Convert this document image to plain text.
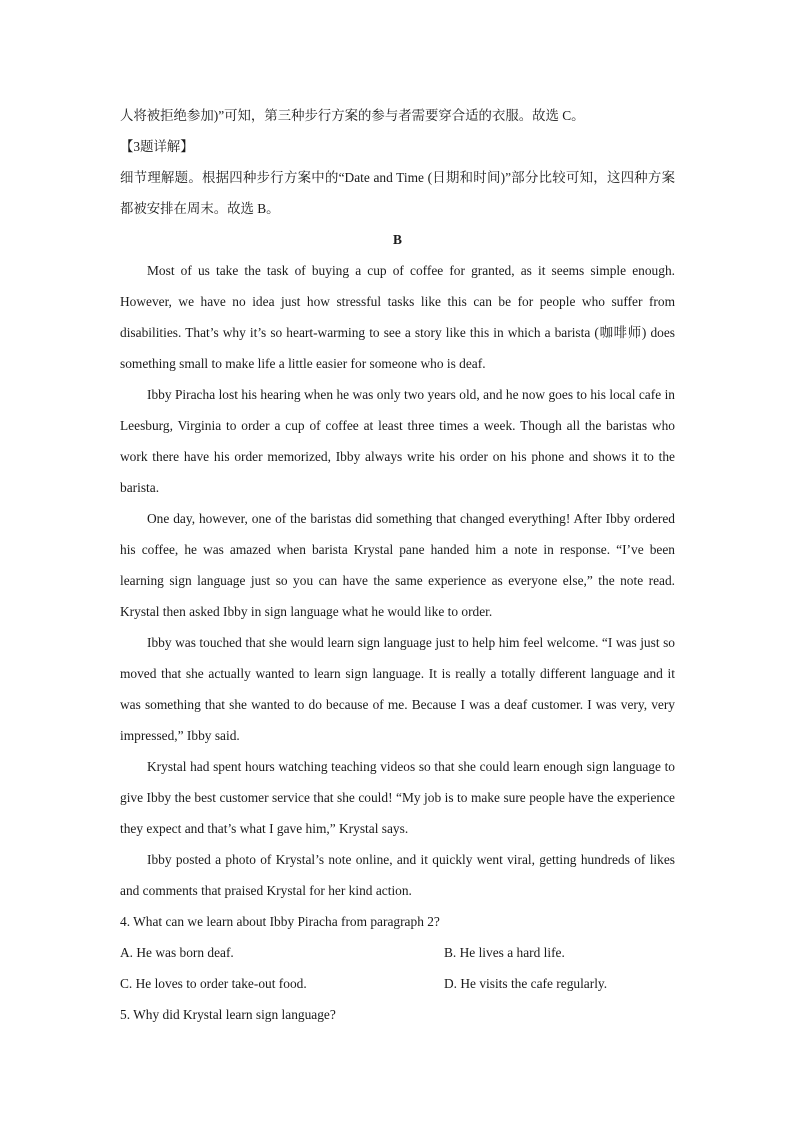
人将被拒绝参加)”可知，第三种步行方案的参与者需要穿合适的衣服。故选 C。

【3题详解】

细节理解题。根据四种步行方案中的“Date and Time (日期和时间)”部分比较可知，这四种方案都被安排在周末。故选 B。

B

Most of us take the task of buying a cup of coffee for granted, as it seems simple enough. However, we have no idea just how stressful tasks like this can be for people who suffer from disabilities. That’s why it’s so heart-warming to see a story like this in which a barista (咖啡师) does something small to make life a little easier for someone who is deaf.

Ibby Piracha lost his hearing when he was only two years old, and he now goes to his local cafe in Leesburg, Virginia to order a cup of coffee at least three times a week. Though all the baristas who work there have his order memorized, Ibby always write his order on his phone and shows it to the barista.

One day, however, one of the baristas did something that changed everything! After Ibby ordered his coffee, he was amazed when barista Krystal pane handed him a note in response. “I’ve been learning sign language just so you can have the same experience as everyone else,” the note read. Krystal then asked Ibby in sign language what he would like to order.

Ibby was touched that she would learn sign language just to help him feel welcome. “I was just so moved that she actually wanted to learn sign language. It is really a totally different language and it was something that she wanted to do because of me. Because I was a deaf customer. I was very, very impressed,” Ibby said.

Krystal had spent hours watching teaching videos so that she could learn enough sign language to give Ibby the best customer service that she could! “My job is to make sure people have the experience they expect and that’s what I gave him,” Krystal says.

Ibby posted a photo of Krystal’s note online, and it quickly went viral, getting hundreds of likes and comments that praised Krystal for her kind action.

4. What can we learn about Ibby Piracha from paragraph 2?

A. He was born deaf.	B. He lives a hard life.
C. He loves to order take-out food.	D. He visits the cafe regularly.

5. Why did Krystal learn sign language?
